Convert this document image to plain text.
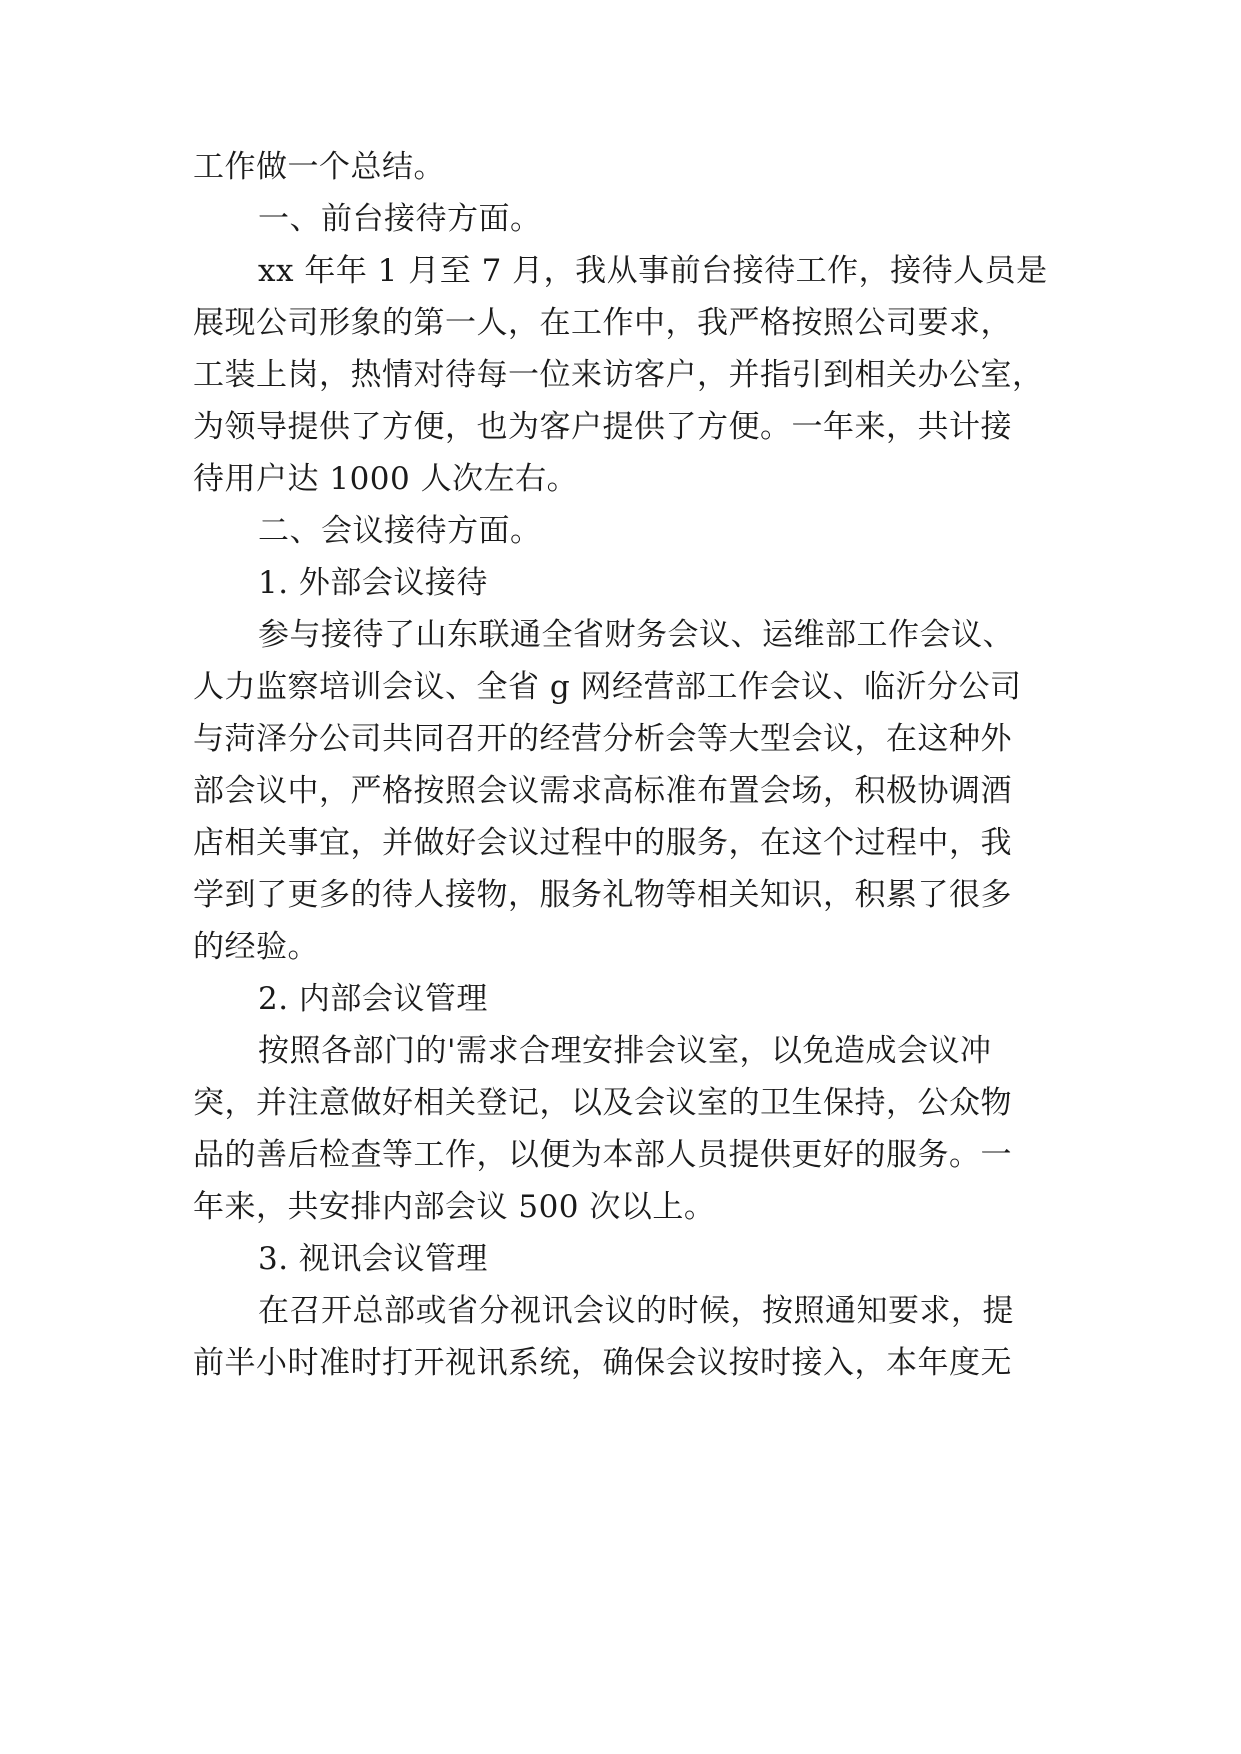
工作做一个总结。
一、前台接待方面。
xx 年年 1 月至 7 月，我从事前台接待工作，接待人员是
展现公司形象的第一人，在工作中，我严格按照公司要求，
工装上岗，热情对待每一位来访客户，并指引到相关办公室，
为领导提供了方便，也为客户提供了方便。一年来，共计接
待用户达 1000 人次左右。
二、会议接待方面。
1. 外部会议接待
参与接待了山东联通全省财务会议、运维部工作会议、
人力监察培训会议、全省 g 网经营部工作会议、临沂分公司
与菏泽分公司共同召开的经营分析会等大型会议，在这种外
部会议中，严格按照会议需求高标准布置会场，积极协调酒
店相关事宜，并做好会议过程中的服务，在这个过程中，我
学到了更多的待人接物，服务礼物等相关知识，积累了很多
的经验。
2. 内部会议管理
按照各部门的'需求合理安排会议室，以免造成会议冲
突，并注意做好相关登记，以及会议室的卫生保持，公众物
品的善后检查等工作，以便为本部人员提供更好的服务。一
年来，共安排内部会议 500 次以上。
3. 视讯会议管理
在召开总部或省分视讯会议的时候，按照通知要求，提
前半小时准时打开视讯系统，确保会议按时接入，本年度无
